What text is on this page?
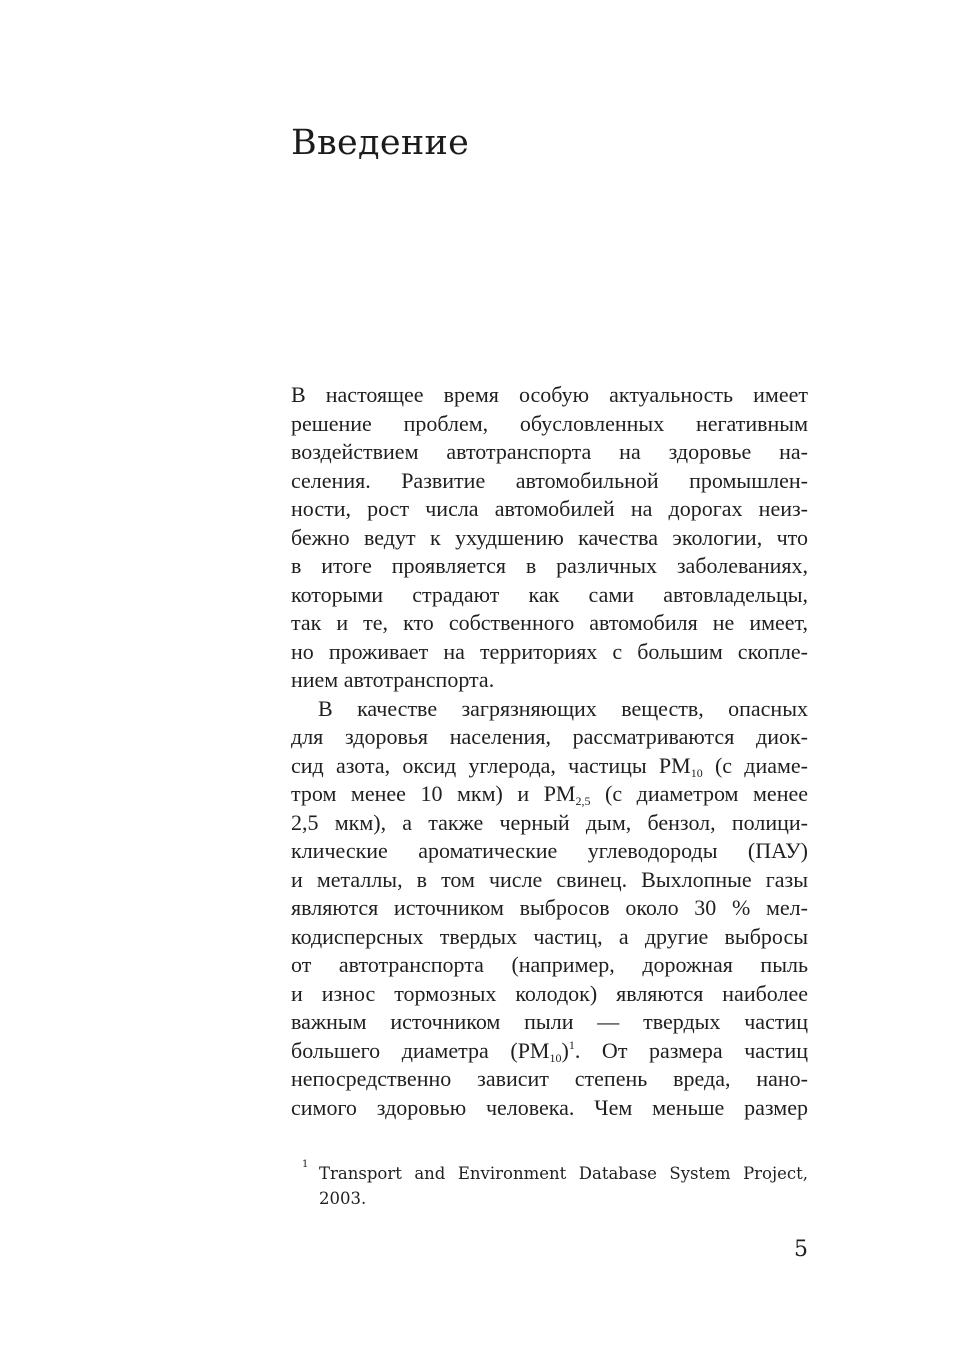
Введение
В настоящее время особую актуальность имеет
решение проблем, обусловленных негативным
воздействием автотранспорта на здоровье на-
селения. Развитие автомобильной промышлен-
ности, рост числа автомобилей на дорогах неиз-
бежно ведут к ухудшению качества экологии, что
в итоге проявляется в различных заболеваниях,
которыми страдают как сами автовладельцы,
так и те, кто собственного автомобиля не имеет,
но проживает на территориях с большим скопле-
нием автотранспорта.
В качестве загрязняющих веществ, опасных
для здоровья населения, рассматриваются диок-
сид азота, оксид углерода, частицы $PM_{10}$ (с диаме-
тром менее 10 мкм) и $PM_{2,5}$ (с диаметром менее
2,5 мкм), а также черный дым, бензол, полици-
клические ароматические углеводороды (ПАУ)
и металлы, в том числе свинец. Выхлопные газы
являются источником выбросов около 30 % мел-
кодисперсных твердых частиц, а другие выбросы
от автотранспорта (например, дорожная пыль
и износ тормозных колодок) являются наиболее
важным источником пыли — твердых частиц
большего диаметра $(PM_{10})^1$. От размера частиц
непосредственно зависит степень вреда, нано-
симого здоровью человека. Чем меньше размер
1 Transport and Environment Database System Project,
2003.
5
